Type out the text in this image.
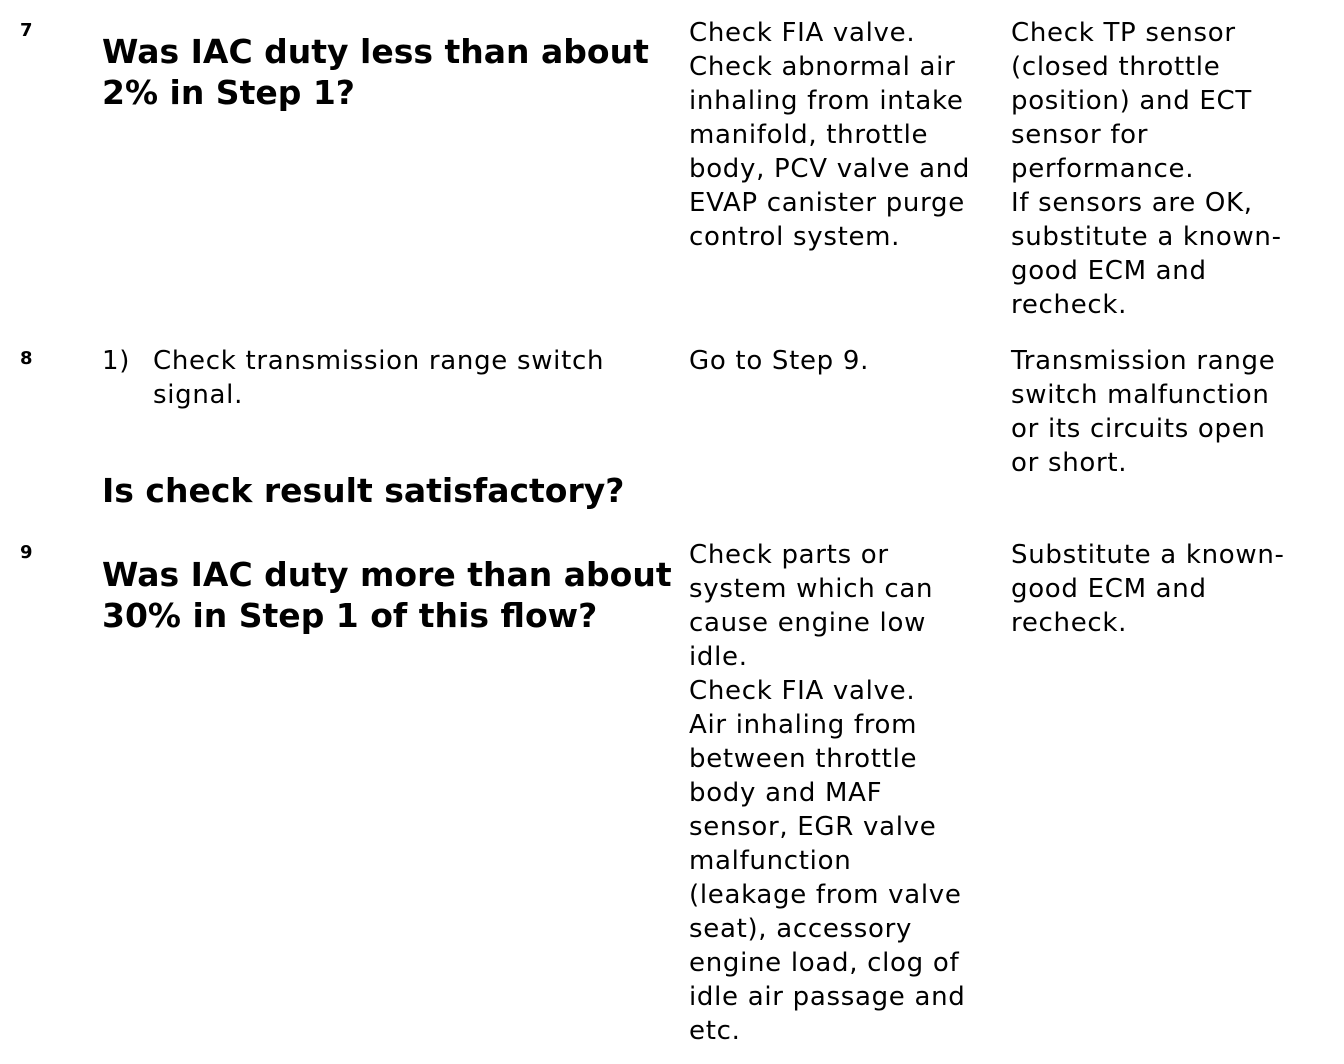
7
Was IAC duty less than about 2% in Step 1?
Check FIA valve.
Check abnormal air
inhaling from intake
manifold, throttle
body, PCV valve and
EVAP canister purge
control system.
Check TP sensor
(closed throttle
position) and ECT
sensor for
performance.
If sensors are OK,
substitute a known-
good ECM and
recheck.
8	1) Check transmission range switch signal.
Is check result satisfactory?
Go to Step 9.	Transmission range
switch malfunction
or its circuits open
or short.
9
Was IAC duty more than about 30% in Step 1 of this flow?
Check parts or
system which can
cause engine low
idle.
Check FIA valve.
Air inhaling from
between throttle
body and MAF
sensor, EGR valve
malfunction
(leakage from valve
seat), accessory
engine load, clog of
idle air passage and
etc.
Substitute a known-
good ECM and
recheck.
